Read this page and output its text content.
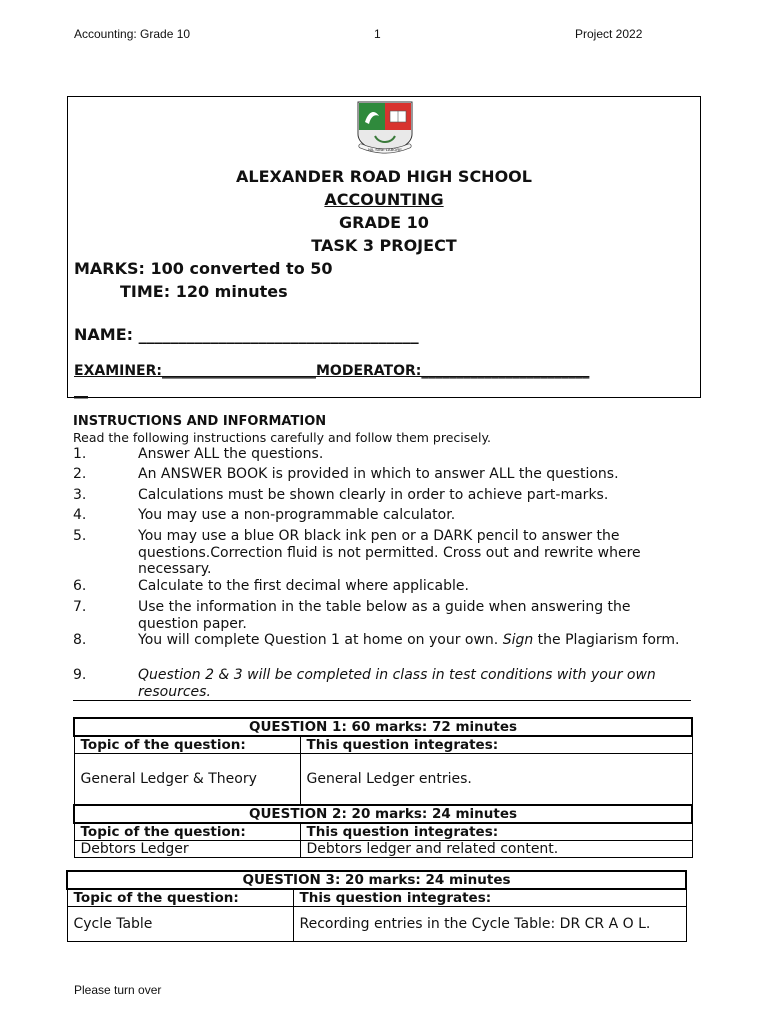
Accounting: Grade 10	1	Project 2022
NIL SINE LABORE
ALEXANDER ROAD HIGH SCHOOL
ACCOUNTING
GRADE 10
TASK 3 PROJECT
MARKS: 100 converted to 50
TIME: 120 minutes
NAME: ___________________________________
EXAMINER:______________________MODERATOR:________________________
__
INSTRUCTIONS AND INFORMATION
Read the following instructions carefully and follow them precisely.
1.	Answer ALL the questions.
2.	An ANSWER BOOK is provided in which to answer ALL the questions.
3.	Calculations must be shown clearly in order to achieve part-marks.
4.	You may use a non-programmable calculator.
5.	You may use a blue OR black ink pen or a DARK pencil to answer the questions.Correction fluid is not permitted. Cross out and rewrite where necessary.
6.	Calculate to the first decimal where applicable.
7.	Use the information in the table below as a guide when answering the question paper.
8.	You will complete Question 1 at home on your own. Sign the Plagiarism form.
9.	Question 2 & 3 will be completed in class in test conditions with your own resources.
QUESTION 1: 60 marks: 72 minutes	
Topic of the question:	This question integrates:
General Ledger & Theory	General Ledger entries.
QUESTION 2: 20 marks: 24 minutes	
Topic of the question:	This question integrates:
Debtors Ledger	Debtors ledger and related content.
QUESTION 3: 20 marks: 24 minutes	
Topic of the question:	This question integrates:
Cycle Table	Recording entries in the Cycle Table: DR CR A O L.
Please turn over
